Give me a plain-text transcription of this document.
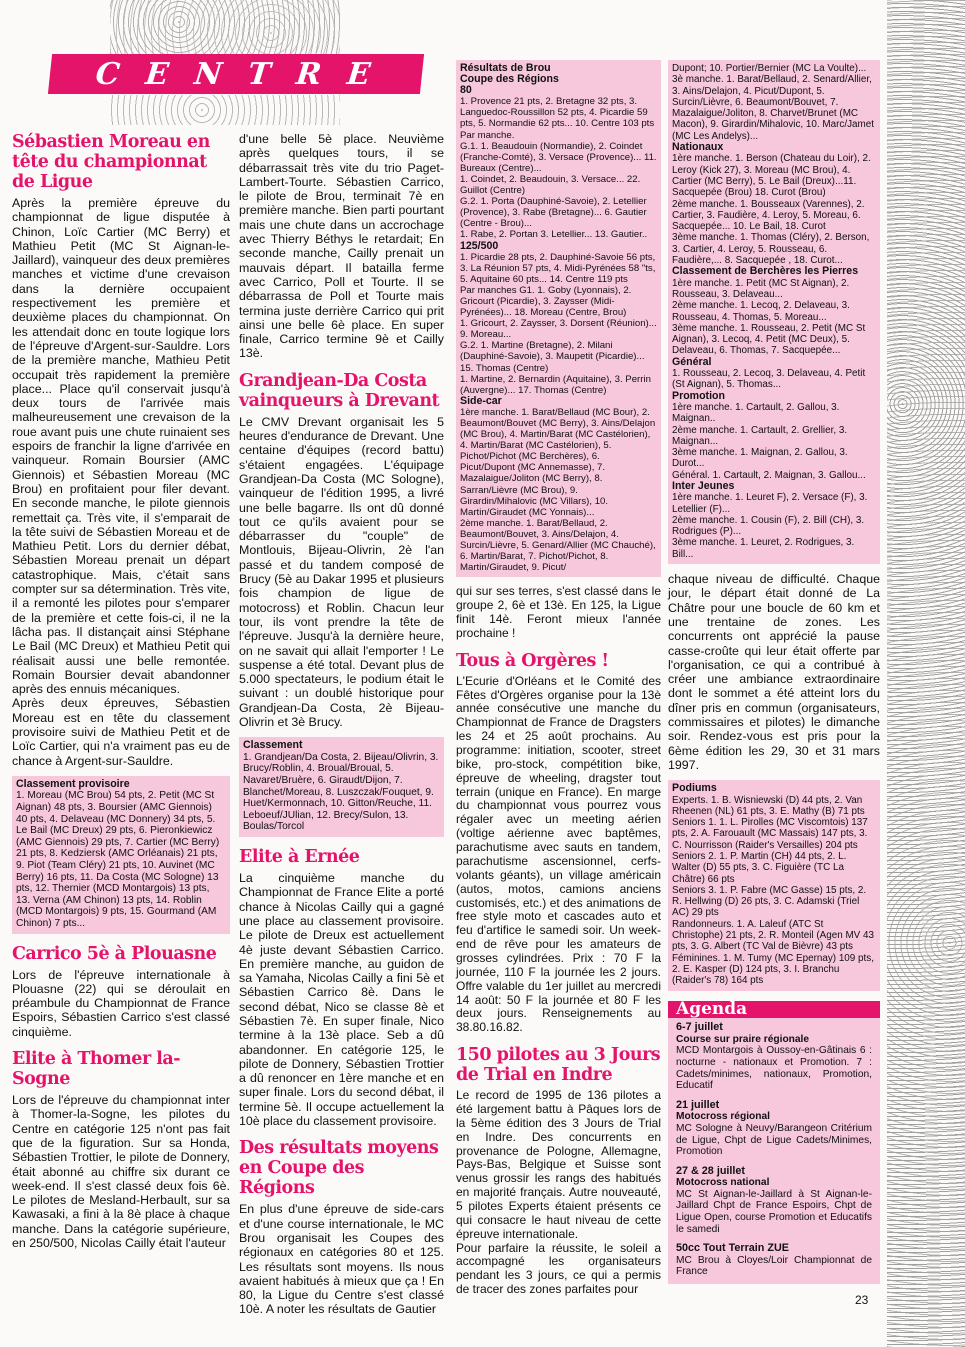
CENTRE
Sébastien Moreau en tête du championnat de Ligue

Après la première épreuve du championnat de ligue disputée à Chinon, Loïc Cartier (MC Berry) et Mathieu Petit (MC St Aignan-le-Jaillard), vainqueur des deux premières manches et victime d'une crevaison dans la dernière occupaient respectivement les première et deuxième places du championnat. On les attendait donc en toute logique lors de l'épreuve d'Argent-sur-Sauldre. Lors de la première manche, Mathieu Petit occupait très rapidement la première place... Place qu'il conservait jusqu'à deux tours de l'arrivée mais malheureusement une crevaison de la roue avant puis une chute ruinaient ses espoirs de franchir la ligne d'arrivée en vainqueur. Romain Boursier (AMC Giennois) et Sébastien Moreau (MC Brou) en profitaient pour filer devant. En seconde manche, le pilote giennois remettait ça. Très vite, il s'emparait de la tête suivi de Sébastien Moreau et de Mathieu Petit. Lors du dernier débat, Sébastien Moreau prenait un départ catastrophique. Mais, c'était sans compter sur sa détermination. Très vite, il a remonté les pilotes pour s'emparer de la première et cette fois-ci, il ne la lâcha pas. Il distançait ainsi Stéphane Le Bail (MC Dreux) et Mathieu Petit qui réalisait aussi une belle remontée. Romain Boursier devait abandonner après des ennuis mécaniques.

Après deux épreuves, Sébastien Moreau est en tête du classement provisoire suivi de Mathieu Petit et de Loïc Cartier, qui n'a vraiment pas eu de chance à Argent-sur-Sauldre.

Classement provisoire
1. Moreau (MC Brou) 54 pts, 2. Petit (MC St Aignan) 48 pts, 3. Boursier (AMC Giennois) 40 pts, 4. Delaveau (MC Donnery) 34 pts, 5. Le Bail (MC Dreux) 29 pts, 6. Pieronkiewicz (AMC Giennois) 29 pts, 7. Cartier (MC Berry) 21 pts, 8. Kedziersk (AMC Orléanais) 21 pts, 9. Piot (Team Cléry) 21 pts, 10. Auvinet (MC Berry) 16 pts, 11. Da Costa (MC Sologne) 13 pts, 12. Thernier (MCD Montargois) 13 pts, 13. Verna (AM Chinon) 13 pts, 14. Roblin (MCD Montargois) 9 pts, 15. Gourmand (AM Chinon) 7 pts...
Carrico 5è à Plouasne

Lors de l'épreuve internationale à Plouasne (22) qui se déroulait en préambule du Championnat de France Espoirs, Sébastien Carrico s'est classé cinquième.

Elite à Thomer la-Sogne

Lors de l'épreuve du championnat inter à Thomer-la-Sogne, les pilotes du Centre en catégorie 125 n'ont pas fait que de la figuration. Sur sa Honda, Sébastien Trottier, le pilote de Donnery, était abonné au chiffre six durant ce week-end. Il s'est classé deux fois 6è. Le pilotes de Mesland-Herbault, sur sa Kawasaki, a fini à la 8è place à chaque manche. Dans la catégorie supérieure, en 250/500, Nicolas Cailly était l'auteur

d'une belle 5è place. Neuvième après quelques tours, il se débarrassait très vite du trio Paget-Lambert-Tourte. Sébastien Carrico, le pilote de Brou, terminait 7è en première manche. Bien parti pourtant mais une chute dans un accrochage avec Thierry Béthys le retardait; En seconde manche, Cailly prenait un mauvais départ. Il batailla ferme avec Carrico, Poll et Tourte. Il se débarrassa de Poll et Tourte mais termina juste derrière Carrico qui prit ainsi une belle 6è place. En super finale, Carrico termine 9è et Cailly 13è.

Grandjean-Da Costa vainqueurs à Drevant

Le CMV Drevant organisait les 5 heures d'endurance de Drevant. Une centaine d'équipes (record battu) s'étaient engagées. L'équipage Grandjean-Da Costa (MC Sologne), vainqueur de l'édition 1995, a livré une belle bagarre. Ils ont dû donné tout ce qu'ils avaient pour se débarrasser du "couple" de Montlouis, Bijeau-Olivrin, 2è l'an passé et du tandem composé de Brucy (5è au Dakar 1995 et plusieurs fois champion de ligue de motocross) et Roblin. Chacun leur tour, ils vont prendre la tête de l'épreuve. Jusqu'à la dernière heure, on ne savait qui allait l'emporter ! Le suspense a été total. Devant plus de 5.000 spectateurs, le podium était le suivant : un doublé historique pour Grandjean-Da Costa, 2è Bijeau-Olivrin et 3è Brucy.

Classement
1. Grandjean/Da Costa, 2. Bijeau/Olivrin, 3. Brucy/Roblin, 4. Broual/Broual, 5. Navaret/Bruère, 6. Giraudt/Dijon, 7. Blanchet/Moreau, 8. Luszczak/Fouquet, 9. Huet/Kermonnach, 10. Gitton/Reuche, 11. Leboeuf/JUlian, 12. Brecy/Sulon, 13. Boulas/Torcol
Elite à Ernée

La cinquième manche du Championnat de France Elite a porté chance à Nicolas Cailly qui a gagné une place au classement provisoire. Le pilote de Dreux est actuellement 4è juste devant Sébastien Carrico. En première manche, au guidon de sa Yamaha, Nicolas Cailly a fini 5è et Sébastien Carrico 8è. Dans le second débat, Nico se classe 8è et Sébastien 7è. En super finale, Nico termine à la 13è place. Seb a dû abandonner. En catégorie 125, le pilote de Donnery, Sébastien Trottier a dû renoncer en 1ère manche et en super finale. Lors du second débat, il termine 5è. Il occupe actuellement la 10è place du classement provisoire.

Des résultats moyens en Coupe des Régions

En plus d'une épreuve de side-cars et d'une course internationale, le MC Brou organisait les Coupes des régionaux en catégories 80 et 125. Les résultats sont moyens. Ils nous avaient habitués à mieux que ça ! En 80, la Ligue du Centre s'est classé 10è. A noter les résultats de Gautier

Résultats de Brou
Coupe des Régions
80
1. Provence 21 pts, 2. Bretagne 32 pts, 3. Languedoc-Roussillon 52 pts, 4. Picardie 59 pts, 5. Normandie 62 pts... 10. Centre 103 pts Par manche.
G.1. 1. Beaudouin (Normandie), 2. Coindet (Franche-Comté), 3. Versace (Provence)... 11. Bureaux (Centre)...
1. Coindet, 2. Beaudouin, 3. Versace... 22. Guillot (Centre)
G.2. 1. Porta (Dauphiné-Savoie), 2. Letellier (Provence), 3. Rabe (Bretagne)... 6. Gautier (Centre - Brou)...
1. Rabe, 2. Portan 3. Letellier... 13. Gautier..
125/500
1. Picardie 28 pts, 2. Dauphiné-Savoie 56 pts, 3. La Réunion 57 pts, 4. Midi-Pyrénées 58 "ts, 5. Aquitaine 60 pts... 14. Centre 119 pts
Par manches G1. 1. Goby (Lyonnais), 2. Gricourt (Picardie), 3. Zaysser (Midi-Pyrénées)... 18. Moreau (Centre, Brou)
1. Gricourt, 2. Zaysser, 3. Dorsent (Réunion)... 9. Moreau...
G.2. 1. Martine (Bretagne), 2. Milani (Dauphiné-Savoie), 3. Maupetit (Picardie)... 15. Thomas (Centre)
1. Martine, 2. Bernardin (Aquitaine), 3. Perrin (Auvergne)... 17. Thomas (Centre)
Side-car
1ère manche. 1. Barat/Bellaud (MC Bour), 2. Beaumont/Bouvet (MC Berry), 3. Ains/Delajon (MC Brou), 4. Martin/Barat (MC Castélorien), 4. Martin/Barat (MC Castélorien), 5. Pichot/Pichot (MC Berchères), 6. Picut/Dupont (MC Annemasse), 7. Mazalaigue/Joliton (MC Berry), 8. Sarran/Lièvre (MC Brou), 9. Girardin/Mihalovic (MC Villars), 10. Martin/Giraudet (MC Yonnais)...
2ème manche. 1. Barat/Bellaud, 2. Beaumont/Bouvet, 3. Ains/Delajon, 4. Surcin/Lièvre, 5. Genard/Allier (MC Chauché), 6. Martin/Barat, 7. Pichot/Pichot, 8. Martin/Giraudet, 9. Picut/

qui sur ses terres, s'est classé dans le groupe 2, 6è et 13è. En 125, la Ligue finit 14è. Feront mieux l'année prochaine !

Tous à Orgères !

L'Ecurie d'Orléans et le Comité des Fêtes d'Orgères organise pour la 13è année consécutive une manche du Championnat de France de Dragsters les 24 et 25 août prochains. Au programme: initiation, scooter, street bike, pro-stock, compétition bike, épreuve de wheeling, dragster tout terrain (unique en France). En marge du championnat vous pourrez vous régaler avec un meeting aérien (voltige aérienne avec baptêmes, parachutisme avec sauts en tandem, parachutisme ascensionnel, cerfs-volants géants), un village américain (autos, motos, camions anciens customisés, etc.) et des animations de free style moto et cascades auto et feu d'artifice le samedi soir. Un week-end de rêve pour les amateurs de grosses cylindrées. Prix : 70 F la journée, 110 F la journée les 2 jours. Offre valable du 1er juillet au mercredi 14 août: 50 F la journée et 80 F les deux jours. Renseignements au 38.80.16.82.

150 pilotes au 3 Jours de Trial en Indre

Le record de 1995 de 136 pilotes a été largement battu à Pâques lors de la 5ème édition des 3 Jours de Trial en Indre. Des concurrents en provenance de Pologne, Allemagne, Pays-Bas, Belgique et Suisse sont venus grossir les rangs des habitués en majorité français. Autre nouveauté, 5 pilotes Experts étaient présents ce qui consacre le haut niveau de cette épreuve internationale.

Pour parfaire la réussite, le soleil a accompagné les organisateurs pendant les 3 jours, ce qui a permis de tracer des zones parfaites pour

Dupont; 10. Portier/Bernier (MC La Voulte)...
3è manche. 1. Barat/Bellaud, 2. Senard/Allier, 3. Ains/Delajon, 4. Picut/Dupont, 5. Surcin/Lièvre, 6. Beaumont/Bouvet, 7. Mazalaigue/Joliton, 8. Charvet/Brunet (MC Macon), 9. Girardin/Mihalovic, 10. Marc/Jamet (MC Les Andelys)...
Nationaux
1ère manche. 1. Berson (Chateau du Loir), 2. Leroy (Kick 27), 3. Moreau (MC Brou), 4. Cartier (MC Berry), 5. Le Bail (Dreux)...11. Sacquepée (Brou) 18. Curot (Brou)
2ème manche. 1. Bousseaux (Varennes), 2. Cartier, 3. Faudière, 4. Leroy, 5. Moreau, 6. Sacquepée... 10. Le Bail, 18. Curot
3ème manche. 1. Thomas (Cléry), 2. Berson, 3. Cartier, 4. Leroy, 5. Rousseau, 6. Faudière,... 8. Sacquepée , 18. Curot...
Classement de Berchères les Pierres
1ère manche. 1. Petit (MC St Aignan), 2. Rousseau, 3. Delaveau...
2ème manche. 1. Lecoq, 2. Delaveau, 3. Rousseau, 4. Thomas, 5. Moreau...
3ème manche. 1. Rousseau, 2. Petit (MC St Aignan), 3. Lecoq, 4. Petit (MC Deux), 5. Delaveau, 6. Thomas, 7. Sacquepée...
Général
1. Rousseau, 2. Lecoq, 3. Delaveau, 4. Petit (St Aignan), 5. Thomas...
Promotion
1ère manche. 1. Cartault, 2. Gallou, 3. Maignan..
2ème manche. 1. Cartault, 2. Grellier, 3. Maignan...
3ème manche. 1. Maignan, 2. Gallou, 3. Durot...
Général. 1. Cartault, 2. Maignan, 3. Gallou...
Inter Jeunes
1ère manche. 1. Leuret F), 2. Versace (F), 3. Letellier (F)...
2ème manche. 1. Cousin (F), 2. Bill (CH), 3. Rodrigues (P)...
3ème manche. 1. Leuret, 2. Rodrigues, 3. Bill...

chaque niveau de difficulté. Chaque jour, le départ était donné de La Châtre pour une boucle de 60 km et une trentaine de zones. Les concurrents ont apprécié la pause casse-croûte qui leur était offerte par l'organisation, ce qui a contribué à créer une ambiance extraordinaire dont le sommet a été atteint lors du dîner pris en commun (organisateurs, commissaires et pilotes) le dimanche soir. Rendez-vous est pris pour la 6ème édition les 29, 30 et 31 mars 1997.

Podiums
Experts. 1. B. Wisniewski (D) 44 pts, 2. Van Rheenen (NL) 61 pts, 3. E. Mathy (B) 71 pts
Seniors 1. 1. L. Pirolles (MC Viscomtois) 137 pts, 2. A. Farouault (MC Massais) 147 pts, 3. C. Nourrisson (Raider's Versailles) 204 pts
Seniors 2. 1. P. Martin (CH) 44 pts, 2. L. Walter (D) 55 pts, 3. C. Figuière (TC La Châtre) 66 pts
Seniors 3. 1. P. Fabre (MC Gasse) 15 pts, 2. R. Hellwing (D) 26 pts, 3. C. Adamski (Triel AC) 29 pts
Randonneurs. 1. A. Laleuf (ATC St Christophe) 21 pts, 2. R. Monteil (Agen MV 43 pts, 3. G. Albert (TC Val de Bièvre) 43 pts Féminines. 1. M. Tumy (MC Epernay) 109 pts, 2. E. Kasper (D) 124 pts, 3. I. Branchu (Raider's 78) 164 pts
Agenda
6-7 juillet
Course sur praire régionale
MCD Montargois à Oussoy-en-Gâtinais 6 : nocturne - nationaux et Promotion. 7 : Cadets/minimes, nationaux, Promotion, Educatif
21 juillet
Motocross régional
MC Sologne à Neuvy/Barangeon Critérium de Ligue, Chpt de Ligue Cadets/Minimes, Promotion
27 & 28 juillet
Motocross national
MC St Aignan-le-Jaillard à St Aignan-le-Jaillard Chpt de France Espoirs, Chpt de Ligue Open, course Promotion et Educatifs le samedi
50cc Tout Terrain ZUE
MC Brou à Cloyes/Loir Championnat de France
23
